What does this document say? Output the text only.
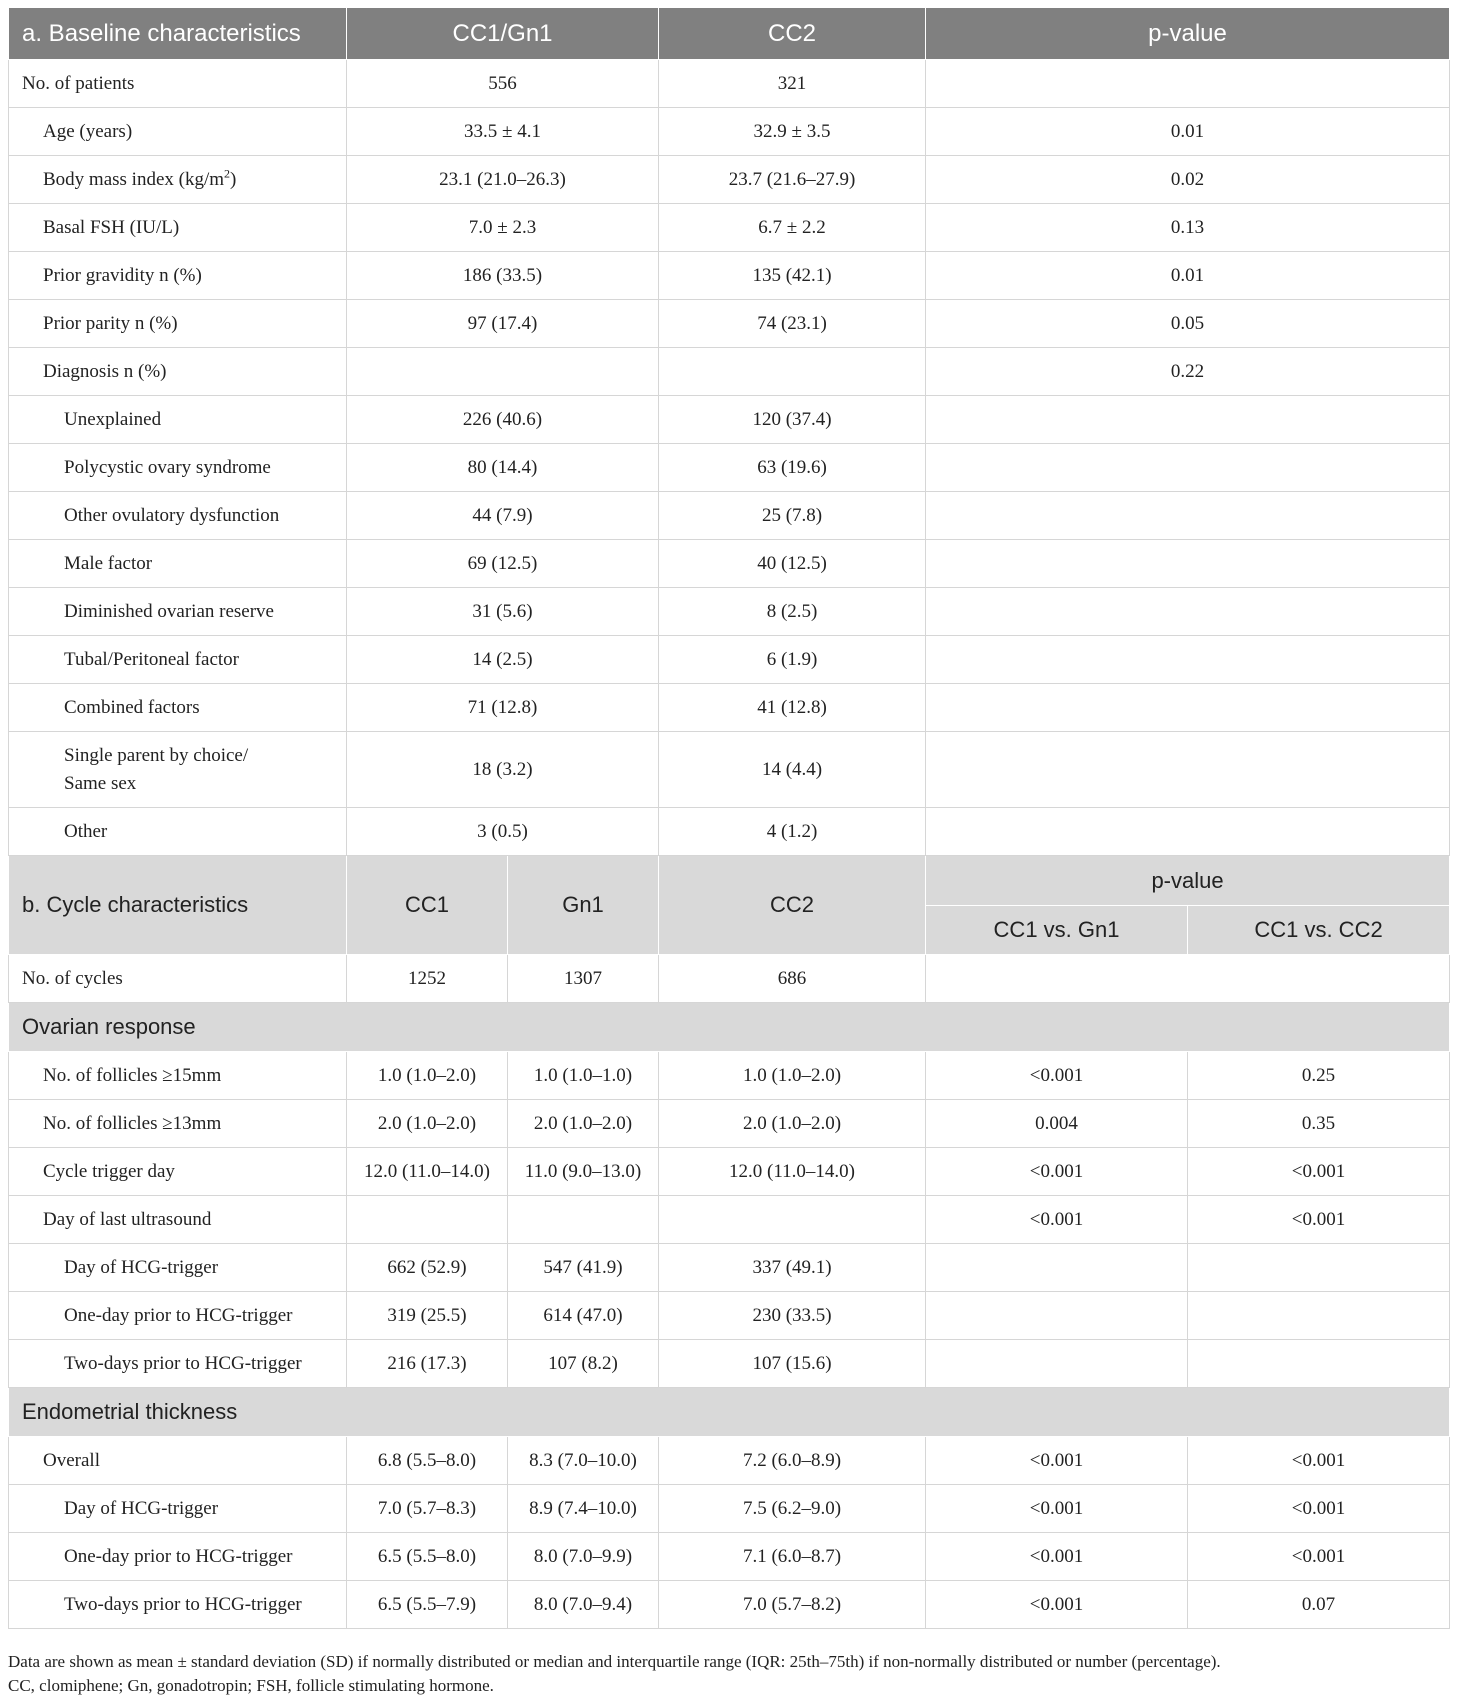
a. Baseline characteristics	CC1/Gn1		CC2	p-value	
No. of patients	556		321		
Age (years)	33.5 ± 4.1		32.9 ± 3.5	0.01	
Body mass index $(kg/m^2)$	23.1 (21.0–26.3)		23.7 (21.6–27.9)	0.02	
Basal FSH (IU/L)	7.0 ± 2.3		6.7 ± 2.2	0.13	
Prior gravidity n (%)	186 (33.5)		135 (42.1)	0.01	
Prior parity n (%)	97 (17.4)		74 (23.1)	0.05	
Diagnosis n (%)				0.22	
Unexplained	226 (40.6)		120 (37.4)		
Polycystic ovary syndrome	80 (14.4)		63 (19.6)		
Other ovulatory dysfunction	44 (7.9)		25 (7.8)		
Male factor	69 (12.5)		40 (12.5)		
Diminished ovarian reserve	31 (5.6)		8 (2.5)		
Tubal/Peritoneal factor	14 (2.5)		6 (1.9)		
Combined factors	71 (12.8)		41 (12.8)		
Single parent by choice/
Same sex	18 (3.2)		14 (4.4)		
Other	3 (0.5)		4 (1.2)		
b. Cycle characteristics	CC1	Gn1	CC2	p-value	
				CC1 vs. Gn1	CC1 vs. CC2
No. of cycles	1252	1307	686		
Ovarian response					
No. of follicles ≥15mm	1.0 (1.0–2.0)	1.0 (1.0–1.0)	1.0 (1.0–2.0)	<0.001	0.25
No. of follicles ≥13mm	2.0 (1.0–2.0)	2.0 (1.0–2.0)	2.0 (1.0–2.0)	0.004	0.35
Cycle trigger day	12.0 (11.0–14.0)	11.0 (9.0–13.0)	12.0 (11.0–14.0)	<0.001	<0.001
Day of last ultrasound				<0.001	<0.001
Day of HCG-trigger	662 (52.9)	547 (41.9)	337 (49.1)		
One-day prior to HCG-trigger	319 (25.5)	614 (47.0)	230 (33.5)		
Two-days prior to HCG-trigger	216 (17.3)	107 (8.2)	107 (15.6)		
Endometrial thickness					
Overall	6.8 (5.5–8.0)	8.3 (7.0–10.0)	7.2 (6.0–8.9)	<0.001	<0.001
Day of HCG-trigger	7.0 (5.7–8.3)	8.9 (7.4–10.0)	7.5 (6.2–9.0)	<0.001	<0.001
One-day prior to HCG-trigger	6.5 (5.5–8.0)	8.0 (7.0–9.9)	7.1 (6.0–8.7)	<0.001	<0.001
Two-days prior to HCG-trigger	6.5 (5.5–7.9)	8.0 (7.0–9.4)	7.0 (5.7–8.2)	<0.001	0.07
Data are shown as mean ± standard deviation (SD) if normally distributed or median and interquartile range (IQR: 25th–75th) if non-normally distributed or number (percentage).
CC, clomiphene; Gn, gonadotropin; FSH, follicle stimulating hormone.
